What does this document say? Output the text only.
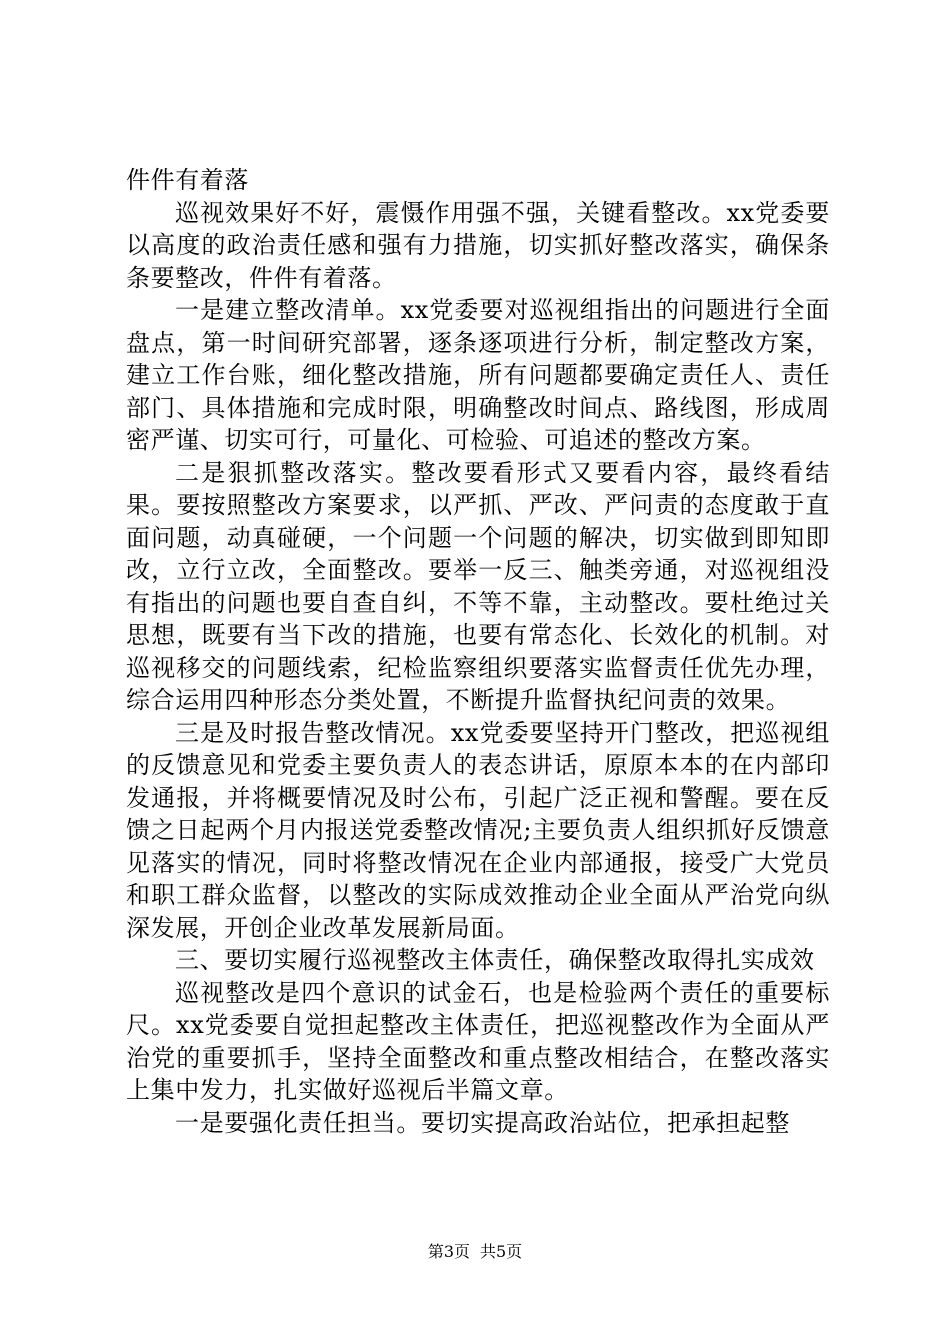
件件有着落

巡视效果好不好，震慑作用强不强，关键看整改。xx党委要以高度的政治责任感和强有力措施，切实抓好整改落实，确保条条要整改，件件有着落。

一是建立整改清单。xx党委要对巡视组指出的问题进行全面盘点，第一时间研究部署，逐条逐项进行分析，制定整改方案，建立工作台账，细化整改措施，所有问题都要确定责任人、责任部门、具体措施和完成时限，明确整改时间点、路线图，形成周密严谨、切实可行，可量化、可检验、可追述的整改方案。

二是狠抓整改落实。整改要看形式又要看内容，最终看结果。要按照整改方案要求，以严抓、严改、严问责的态度敢于直面问题，动真碰硬，一个问题一个问题的解决，切实做到即知即改，立行立改，全面整改。要举一反三、触类旁通，对巡视组没有指出的问题也要自查自纠，不等不靠，主动整改。要杜绝过关思想，既要有当下改的措施，也要有常态化、长效化的机制。对巡视移交的问题线索，纪检监察组织要落实监督责任优先办理，综合运用四种形态分类处置，不断提升监督执纪问责的效果。

三是及时报告整改情况。xx党委要坚持开门整改，把巡视组的反馈意见和党委主要负责人的表态讲话，原原本本的在内部印发通报，并将概要情况及时公布，引起广泛正视和警醒。要在反馈之日起两个月内报送党委整改情况;主要负责人组织抓好反馈意见落实的情况，同时将整改情况在企业内部通报，接受广大党员和职工群众监督，以整改的实际成效推动企业全面从严治党向纵深发展，开创企业改革发展新局面。

三、要切实履行巡视整改主体责任，确保整改取得扎实成效

巡视整改是四个意识的试金石，也是检验两个责任的重要标尺。xx党委要自觉担起整改主体责任，把巡视整改作为全面从严治党的重要抓手，坚持全面整改和重点整改相结合，在整改落实上集中发力，扎实做好巡视后半篇文章。

一是要强化责任担当。要切实提高政治站位，把承担起整

第3页 共5页
